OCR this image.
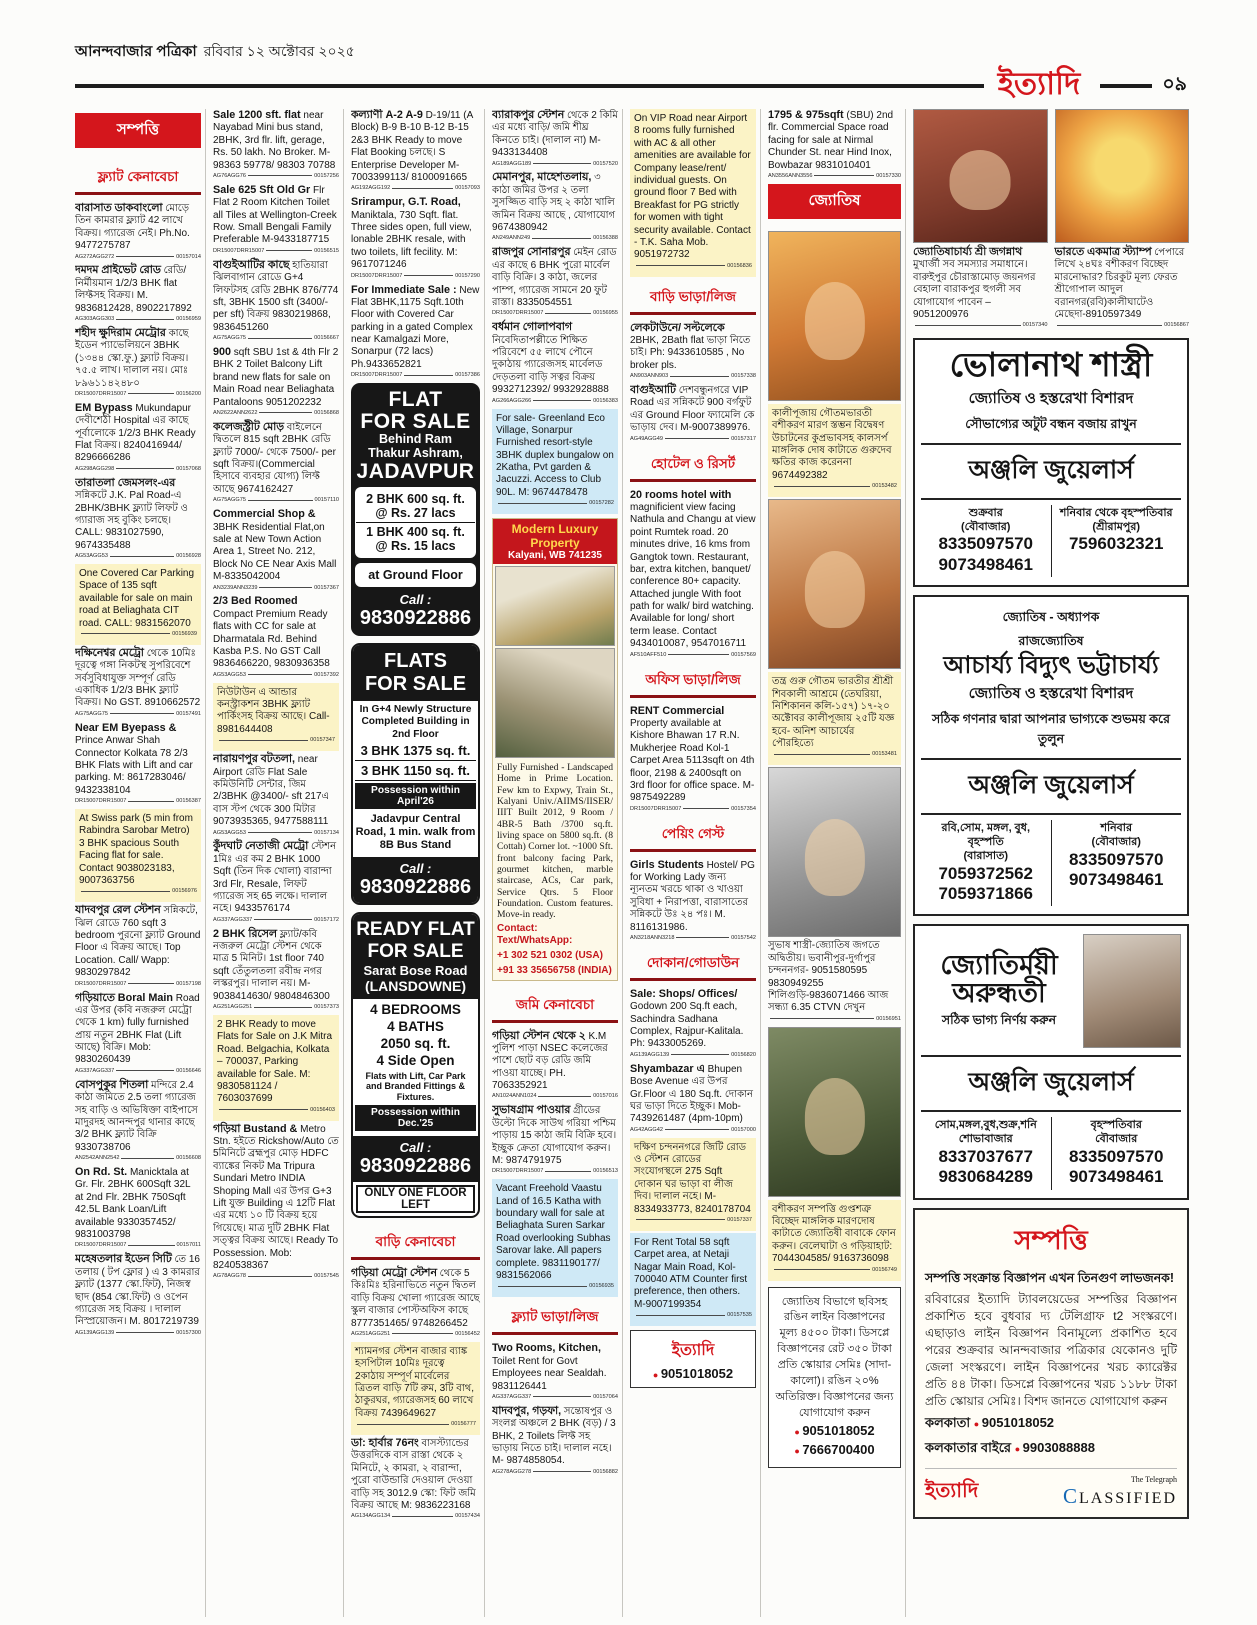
আনন্দবাজার পত্রিকা রবিবার ১২ অক্টোবর ২০২৫
ইত্যাদি	০৯
সম্পত্তি
ফ্ল্যাট কেনাবেচা
বারাসাত ডাকবাংলো মোড়ে তিন কামরার ফ্ল্যাট 42 লাখে বিক্রয়। গ্যারেজ নেই। Ph.No. 9477275787
AG272AGG272	00157014
দমদম প্রাইভেট রোড রেডি/নির্মীয়মান 1/2/3 BHK flat লিফ্টসহ বিক্রয়। M. 9836812428, 8902217892
AG303AGG303	00156959
শহীদ ক্ষুদিরাম মেট্রোর কাছে ইডেন প্যাভেলিয়নে 3BHK (১৩৪৪ স্কো.ফু.) ফ্ল্যাট বিক্রয়। ৭৫.৫ লাখ। দালাল নয়। মোঃ ৮৯৬১১৪২৪৮০
DR15007DRR15007	00156200
EM Bypass Mukundapur দেবীশেঠী Hospital এর কাছে পূর্বালোকে 1/2/3 BHK Ready Flat বিক্রয়। 8240416944/ 8296666286
AG298AGG298	00157068
তারাতলা জেমসলং-এর সন্নিকটে J.K. Pal Road-এ 2BHK/3BHK ফ্ল্যাট লিফট ও গ্যারাজ সহ বুকিং চলছে। CALL: 9831027590, 9674335488
AG53AGG53	00156928
One Covered Car Parking Space of 135 sqft available for sale on main road at Beliaghata CIT road. CALL: 9831562070
00156939
দক্ষিনেশ্বর মেট্রো থেকে 10মিঃ দূরত্বে গঙ্গা নিকটস্থ সুপরিবেশে সর্বসুবিধাযুক্ত সম্পূর্ণ রেডি একাধিক 1/2/3 BHK ফ্ল্যাট বিক্রয়। No GST. 8910662572
AG75AGG75	00157491
Near EM Byepass & Prince Anwar Shah Connector Kolkata 78 2/3 BHK Flats with Lift and car parking. M: 8617283046/ 9432338104
DR15007DRR15007	00156387
At Swiss park (5 min from Rabindra Sarobar Metro) 3 BHK spacious South Facing flat for sale. Contact 9038023183, 9007363756
00156976
যাদবপুর রেল স্টেশন সন্নিকটে, ঝিল রোডে 760 sqft 3 bedroom পুরনো ফ্ল্যাট Ground Floor এ বিক্রয় আছে। Top Location. Call/ Wapp: 9830297842
DR15007DRR15007	00157198
গড়িয়াতে Boral Main Road এর উপর (কবি নজরুল মেট্রো থেকে 1 km) fully furnished প্রায় নতুন 2BHK Flat (Lift আছে) বিক্রি। Mob: 9830260439
AG337AGG337	00156646
বোসপুকুর শিতলা মন্দিরে 2.4 কাঠা জমিতে 2.5 তলা গ্যারেজ সহ বাড়ি ও অভিষিক্তা বাইপাসে মাদুরদহ আনন্দপুর থানার কাছে 3/2 BHK ফ্ল্যাট বিক্রি 9330738706
AN2542ANN2542	00156608
On Rd. St. Manicktala at Gr. Flr. 2BHK 600Sqft 32L at 2nd Flr. 2BHK 750Sqft 42.5L Bank Loan/Lift available 9330357452/ 9831003798
DR15007DRR15007	00157011
মহেষতলার ইডেন সিটি তে 16 তলায় ( টপ ফ্লোর ) এ 3 কামরার ফ্ল্যাট (1377 স্কো.ফিট), নিজস্ব ছাদ (854 স্কো.ফিট) ও ওপেন গ্যারেজ সহ বিক্রয় । দালাল নিস্প্রয়োজন। M. 8017219739
AG139AGG139	00157300
Sale 1200 sft. flat near Nayabad Mini bus stand, 2BHK, 3rd flr. lift, gerage, Rs. 50 lakh. No Broker. M- 98363 59778/ 98303 70788
AG76AGG76	00157256
Sale 625 Sft Old Gr Flr Flat 2 Room Kitchen Toilet all Tiles at Wellington-Creek Row. Small Bengali Family Preferable M-9433187715
DR15007DRR15007	00156515
বাগুইআটির কাছে হাতিয়ারা ঝিলবাগান রোডে G+4 লিফটসহ রেডি 2BHK 876/774 sft, 3BHK 1500 sft (3400/- per sft) বিক্রয় 9830219868, 9836451260
AG75AGG75	00156667
900 sqft SBU 1st & 4th Flr 2 BHK 2 Toilet Balcony Lift brand new flats for sale on Main Road near Beliaghata Pantaloons 9051202232
AN2622ANN2622	00156868
কলেজস্ট্রীট মোড় বাইলেনে দ্বিতলে 815 sqft 2BHK রেডি ফ্ল্যাট 7000/- থেকে 7500/- per sqft বিক্রয়।(Commercial হিসাবে ব্যবহার যোগ্য) লিফ্ট আছে 9674162427
AG75AGG75	00157110
Commercial Shop & 3BHK Residential Flat,on sale at New Town Action Area 1, Street No. 212, Block No CE Near Axis Mall M-8335042004
AN3239ANN3239	00157367
2/3 Bed Roomed Compact Premium Ready flats with CC for sale at Dharmatala Rd. Behind Kasba P.S. No GST Call 9836466220, 9830936358
AG53AGG53	00157392
নিউটাউন এ আন্ডার কনস্ট্রাকশন 3BHK ফ্ল্যাট পার্কিংসহ বিক্রয় আছে। Call- 8981644408
00157347
নারায়ণপুর বটতলা, near Airport রেডি Flat Sale কমিউনিটি সেন্টার, জিম 2/3BHK @3400/- sft 217এ বাস স্টপ থেকে 300 মিটার 9073935365, 9477588111
AG53AGG53	00157134
কুঁদঘাট নেতাজী মেট্রো স্টেশন 1মিঃ এর কম 2 BHK 1000 Sqft (তিন দিক খোলা) বারান্দা 3rd Flr, Resale, লিফট গ্যারেজ সহ 65 লক্ষে। দালাল নহে। 9433576174
AG337AGG337	00157172
2 BHK রিসেল ফ্ল্যাট/কবি নজরুল মেট্রো স্টেশন থেকে মাত্র 5 মিনিট। 1st floor 740 sqft তেঁতুলতলা রবীন্দ্র নগর লস্করপুর। দালাল নয়। M-9038414630/ 9804846300
AG251AGG251	00157373
2 BHK Ready to move Flats for Sale on J.K Mitra Road. Belgachia, Kolkata – 700037, Parking available for Sale. M: 9830581124 / 7603037699
00156403
গড়িয়া Bustand & Metro Stn. হইতে Rickshow/Auto তে 5মিনিটে ব্রহ্মপুর মোড় HDFC ব্যাঙ্কের নিকট Ma Tripura Sundari Metro INDIA Shoping Mall এর উপর G+3 Lift যুক্ত Building এ 12টি Flat এর মধ্যে ১০ টি বিক্রয় হয়ে গিয়েছে। মাত্র দুটি 2BHK Flat সত্ত্বর বিক্রয় আছে। Ready To Possession. Mob: 8240538367
AG78AGG78	00157545
কল্যাণী A-2 A-9 D-19/11 (A Block) B-9 B-10 B-12 B-15 2&3 BHK Ready to move Flat Booking চলছে। S Enterprise Developer M-7003399113/ 8100091665
AG192AGG192	00157093
Srirampur, G.T. Road, Maniktala, 730 Sqft. flat. Three sides open, full view, lonable 2BHK resale, with two toilets, lift fecility. M: 9617071246
DR15007DRR15007	00157290
For Immediate Sale : New Flat 3BHK,1175 Sqft.10th Floor with Covered Car parking in a gated Complex near Kamalgazi More, Sonarpur (72 lacs) Ph.9433652821
DR15007DRR15007	00157386
FLAT
FOR SALE
Behind Ram
Thakur Ashram,
JADAVPUR
2 BHK 600 sq. ft.
@ Rs. 27 lacs
1 BHK 400 sq. ft.
@ Rs. 15 lacs
at Ground Floor
Call :
9830922886
FLATS
FOR SALE
In G+4 Newly Structure Completed Building in 2nd Floor
3 BHK 1375 sq. ft.
3 BHK 1150 sq. ft.
Possession within April'26
Jadavpur Central Road, 1 min. walk from 8B Bus Stand
Call :
9830922886
READY FLAT
FOR SALE
Sarat Bose Road
(LANSDOWNE)
4 BEDROOMS
4 BATHS
2050 sq. ft.
4 Side Open
Flats with Lift, Car Park and Branded Fittings & Fixtures.
Possession within Dec.'25
Call :
9830922886
ONLY ONE FLOOR LEFT
বাড়ি কেনাবেচা
গড়িয়া মেট্রো স্টেশন থেকে 5 কিঃমিঃ হরিনাভিতে নতুন দ্বিতল বাড়ি বিক্রয় খোলা গ্যারেজ আছে স্কুল বাজার পোস্টঅফিস কাছে 8777351465/ 9748266452
AG251AGG251	00156452
শ্যামনগর স্টেশন বাজার ব্যাঙ্ক হসপিটাল 10মিঃ দূরত্বে 2কাঠায় সম্পূর্ণ মার্বেলের ত্রিতল বাড়ি 7টি রুম, 3টি বাথ, ঠাকুরঘর, গ্যারেজসহ 60 লাখে বিক্রয় 7439649627
00156777
ডা: হার্বার 76নং বাসস্ট্যান্ডের উত্তরদিকে বাস রাস্তা থেকে ২ মিনিটে, ২ কামরা, ২ বারান্দা, পুরো বাউন্ডারি দেওয়াল দেওয়া বাড়ি সহ 3012.9 স্কো: ফিট জমি বিক্রয় আছে M: 9836223168
AG134AGG134	00157434
ব্যারাকপুর স্টেশন থেকে 2 কিমি এর মধ্যে বাড়ি/ জমি শীঘ্র কিনতে চাই। (দালাল না) M-9433134408
AG189AGG189	00157520
মেমানপুর, মাহেশতলায়, ৩ কাঠা জমির উপর ২ তলা সুসজ্জিত বাড়ি সহ ২ কাঠা খালি জমিন বিক্রয় আছে , যোগাযোগ 9674380942
AN249ANN249	00156388
রাজপুর সোনারপুর মেইন রোড এর কাছে 6 BHK পুরো মার্বেল বাড়ি বিক্রি। 3 কাঠা, জলের পাম্প, গ্যারেজ সামনে 20 ফুট রাস্তা। 8335054551
DR15007DRR15007	00156955
বর্ধমান গোলাপবাগ নিবেদিতাপল্লীতে শিক্ষিত পরিবেশে ৫৫ লাখে পৌনে দুকাঠায় গ্যারেজসহ মার্বেলড দেড়তলা বাড়ি সত্বর বিক্রয় 9932712392/ 9932928888
AG266AGG266	00156383
For sale- Greenland Eco Village, Sonarpur Furnished resort-style 3BHK duplex bungalow on 2Katha, Pvt garden & Jacuzzi. Access to Club 90L. M: 9674478478
00157282
Modern Luxury Property
Kalyani, WB 741235
Fully Furnished - Landscaped Home in Prime Location. Few km to Expwy, Train St., Kalyani Univ./AIIMS/IISER/ IIIT Built 2012, 9 Room / 4BR-5 Bath /3700 sq.ft. living space on 5800 sq.ft. (8 Cottah) Corner lot. ~1000 Sft. front balcony facing Park, gourmet kitchen, marble staircase, ACs, Car park, Service Qtrs. 5 Floor Foundation. Custom features. Move-in ready.
Contact: Text/WhatsApp:
+1 302 521 0302 (USA)
+91 33 35656758 (INDIA)
জমি কেনাবেচা
গড়িয়া স্টেশন থেকে ২ K.M পুলিশ পাড়া NSEC কলেজের পাশে ছোট বড় রেডি জমি পাওয়া যাচ্ছে। PH. 7063352921
AN1024ANN1024	00157016
সুভাষগ্রাম পাওয়ার গ্রীডের উল্টো দিকে সাউথ গরিয়া পশ্চিম পাড়ায় 15 কাঠা জমি বিক্রি হবে। ইচ্ছুক ক্রেতা যোগাযোগ করুন। M: 9874791975
DR15007DRR15007	00156513
Vacant Freehold Vaastu Land of 16.5 Katha with boundary wall for sale at Beliaghata Suren Sarkar Road overlooking Subhas Sarovar lake. All papers complete. 9831190177/ 9831562066
00156935
ফ্ল্যাট ভাড়া/লিজ
Two Rooms, Kitchen, Toilet Rent for Govt Employees near Sealdah. 9831126441
AG337AGG337	00157064
যাদবপুর, গড়ফা, সন্তোষপুর ও সংলগ্ন অঞ্চলে 2 BHK (বড়) / 3 BHK, 2 Toilets লিফ্ট সহ ভাড়ায় নিতে চাই। দালাল নহে। M- 9874858054.
AG278AGG278	00156882
On VIP Road near Airport 8 rooms fully furnished with AC & all other amenities are available for Company lease/rent/ individual guests. On ground floor 7 Bed with Breakfast for PG strictly for women with tight security available. Contact - T.K. Saha Mob. 9051972732
00156836
বাড়ি ভাড়া/লিজ
লেকটাউনে/ সল্টলেকে 2BHK, 2Bath flat ভাড়া নিতে চাই। Ph: 9433610585 , No broker pls.
AN903ANN903	00157338
বাগুইআটি দেশবন্ধুনগরে VIP Road এর সন্নিকটে 900 বর্গফুট এর Ground Floor ফ্যামেলি কে ভাড়ায় দেব। M-9007389976.
AG49AGG49	00157317
হোটেল ও রিসর্ট
20 rooms hotel with magnificient view facing Nathula and Changu at view point Rumtek road. 20 minutes drive, 16 kms from Gangtok town. Restaurant, bar, extra kitchen, banquet/ conference 80+ capacity. Attached jungle With foot path for walk/ bird watching. Available for long/ short term lease. Contact 9434010087, 9547016711
AF510AFF510	00157569
অফিস ভাড়া/লিজ
RENT Commercial Property available at Kishore Bhawan 17 R.N. Mukherjee Road Kol-1 Carpet Area 5113sqft on 4th floor, 2198 & 2400sqft on 3rd floor for office space. M-9875492289
DR15007DRR15007	00157354
পেয়িং গেস্ট
Girls Students Hostel/ PG for Working Lady জন্য ন্যূনতম খরচে থাকা ও খাওয়া সুবিধা + নিরাপত্তা, বারাসাতের সন্নিকটে উঃ ২৪ পঃ। M. 8116131986.
AN3218ANN3218	00157542
দোকান/গোডাউন
Sale: Shops/ Offices/ Godown 200 Sq.ft each, Sachindra Sadhana Complex, Rajpur-Kalitala. Ph: 9433005269.
AG139AGG139	00156820
Shyambazar এ Bhupen Bose Avenue এর উপর Gr.Floor এ 180 Sq.ft. দোকান ঘর ভাড়া দিতে ইচ্ছুক। Mob- 7439261487 (4pm-10pm)
AG42AGG42	00157000
দক্ষিণ চন্দননগরে জিটি রোড ও স্টেশন রোডের সংযোগস্থলে 275 Sqft দোকান ঘর ভাড়া বা লীজ দিব। দালাল নহে। M-8334933773, 8240178704
00157337
For Rent Total 58 sqft Carpet area, at Netaji Nagar Main Road, Kol-700040 ATM Counter first preference, then others. M-9007199354
00157535
ইত্যাদি
● 9051018052
1795 & 975sqft (SBU) 2nd flr. Commercial Space road facing for sale at Nirmal Chunder St. near Hind Inox, Bowbazar 9831010401
AN3556ANN3556	00157330
জ্যোতিষ
কালীপূজায় গৌতমভারতী বশীকরণ মারণ স্তম্ভন বিদ্বেষণ উচাটনের কুপ্রভাবসহ কালসর্প মাঙ্গলিক দোষ কাটাতে গুরুদেব ক্ষতির কাজ করেননা 9674492382
00153482
তন্ত্র গুরু গৌতম ভারতীর শ্রীশ্রী শিবকালী আশ্রমে (তেঘরিয়া, নিশিকানন কলি-১৫৭) ১৭-২০ অক্টোবর কালীপূজায় ২৫টি যজ্ঞ হবে- অনিশ আচার্যের পৌরহিত্যে
00153481
সুভাষ শাস্ত্রী-জ্যোতিষ জগতে অদ্বিতীয়। ভবানীপুর-দুর্গাপুর চন্দননগর- 9051580595 9830949255 শিলিগুড়ি-9836071466 আজ সন্ধ্যা 6.35 CTVN দেখুন
00156951
বশীকরণ সম্পত্তি গুপ্তশত্রু বিচ্ছেদ মাঙ্গলিক মারণদোষ কাটাতে জ্যোতিষী বাবাকে ফোন করুন। বেলেঘাটা ও গড়িয়াহাট: 7044304585/ 9163736098
00156749
জ্যোতিষ বিভাগে ছবিসহ রঙিন লাইন বিজ্ঞাপনের মূল্য ৪৫০০ টাকা। ডিসপ্লে বিজ্ঞাপনের রেট ৩৫০ টাকা প্রতি স্কোয়ার সেমিঃ (সাদা-কালো)। রঙিন ২০% অতিরিক্ত। বিজ্ঞাপনের জন্য যোগাযোগ করুন
● 9051018052
● 7666700400
জ্যোতিষাচার্য্য শ্রী জগন্নাথ মুখার্জী সব সমস্যার সমাধানে। বারুইপুর চৌরাস্তামোড় জয়নগর বেহালা বারাকপুর হুগলী সব যোগাযোগ পাবেন – 9051200976
00157340
ভারতে একমাত্র স্ট্যাম্প পেপারে লিখে ২৪ঘঃ বশীকরণ বিচ্ছেদ মারনোদ্ধার? চিরকুট মূল্য ফেরত শ্রীগোপাল আদুল বরানগর(রবি)কালীঘাটেও মেছেদা-8910597349
00156867
ভোলানাথ শাস্ত্রী
জ্যোতিষ ও হস্তরেখা বিশারদ
সৌভাগ্যের অটুট বন্ধন বজায় রাখুন
অঞ্জলি জুয়েলার্স
শুক্রবার
(বৌবাজার)
8335097570
9073498461
শনিবার থেকে বৃহস্পতিবার
(শ্রীরামপুর)
7596032321
জ্যোতিষ - অধ্যাপক
রাজজ্যোতিষ
আচার্য্য বিদ্যুৎ ভট্টাচার্য্য
জ্যোতিষ ও হস্তরেখা বিশারদ
সঠিক গণনার দ্বারা আপনার ভাগ্যকে শুভময় করে তুলুন
অঞ্জলি জুয়েলার্স
রবি,সোম, মঙ্গল, বুধ, বৃহস্পতি
(বারাসাত)
7059372562
7059371866
শনিবার
(বৌবাজার)
8335097570
9073498461
জ্যোতির্ময়ী
অরুন্ধতী
সঠিক ভাগ্য নির্ণয় করুন
অঞ্জলি জুয়েলার্স
সোম,মঙ্গল,বুধ,শুক্র,শনি
শোভাবাজার
8337037677
9830684289
বৃহস্পতিবার
বৌবাজার
8335097570
9073498461
সম্পত্তি
সম্পত্তি সংক্রান্ত বিজ্ঞাপন এখন তিনগুণ লাভজনক!
রবিবারের ইত্যাদি ট্যাবলয়েডের সম্পত্তির বিজ্ঞাপন প্রকাশিত হবে বুধবার দ্য টেলিগ্রাফ t2 সংস্করণে। এছাড়াও লাইন বিজ্ঞাপন বিনামূল্যে প্রকাশিত হবে পরের শুক্রবার আনন্দবাজার পত্রিকার যেকোনও দুটি জেলা সংস্করণে। লাইন বিজ্ঞাপনের খরচ ক্যারেক্টর প্রতি ৪৪ টাকা। ডিসপ্লে বিজ্ঞাপনের খরচ ১১৮৮ টাকা প্রতি স্কোয়ার সেমিঃ। বিশদ জানতে যোগাযোগ করুন
কলকাতা ● 9051018052
কলকাতার বাইরে ● 9903088888
ইত্যাদি
The Telegraph
CLASSIFIED
